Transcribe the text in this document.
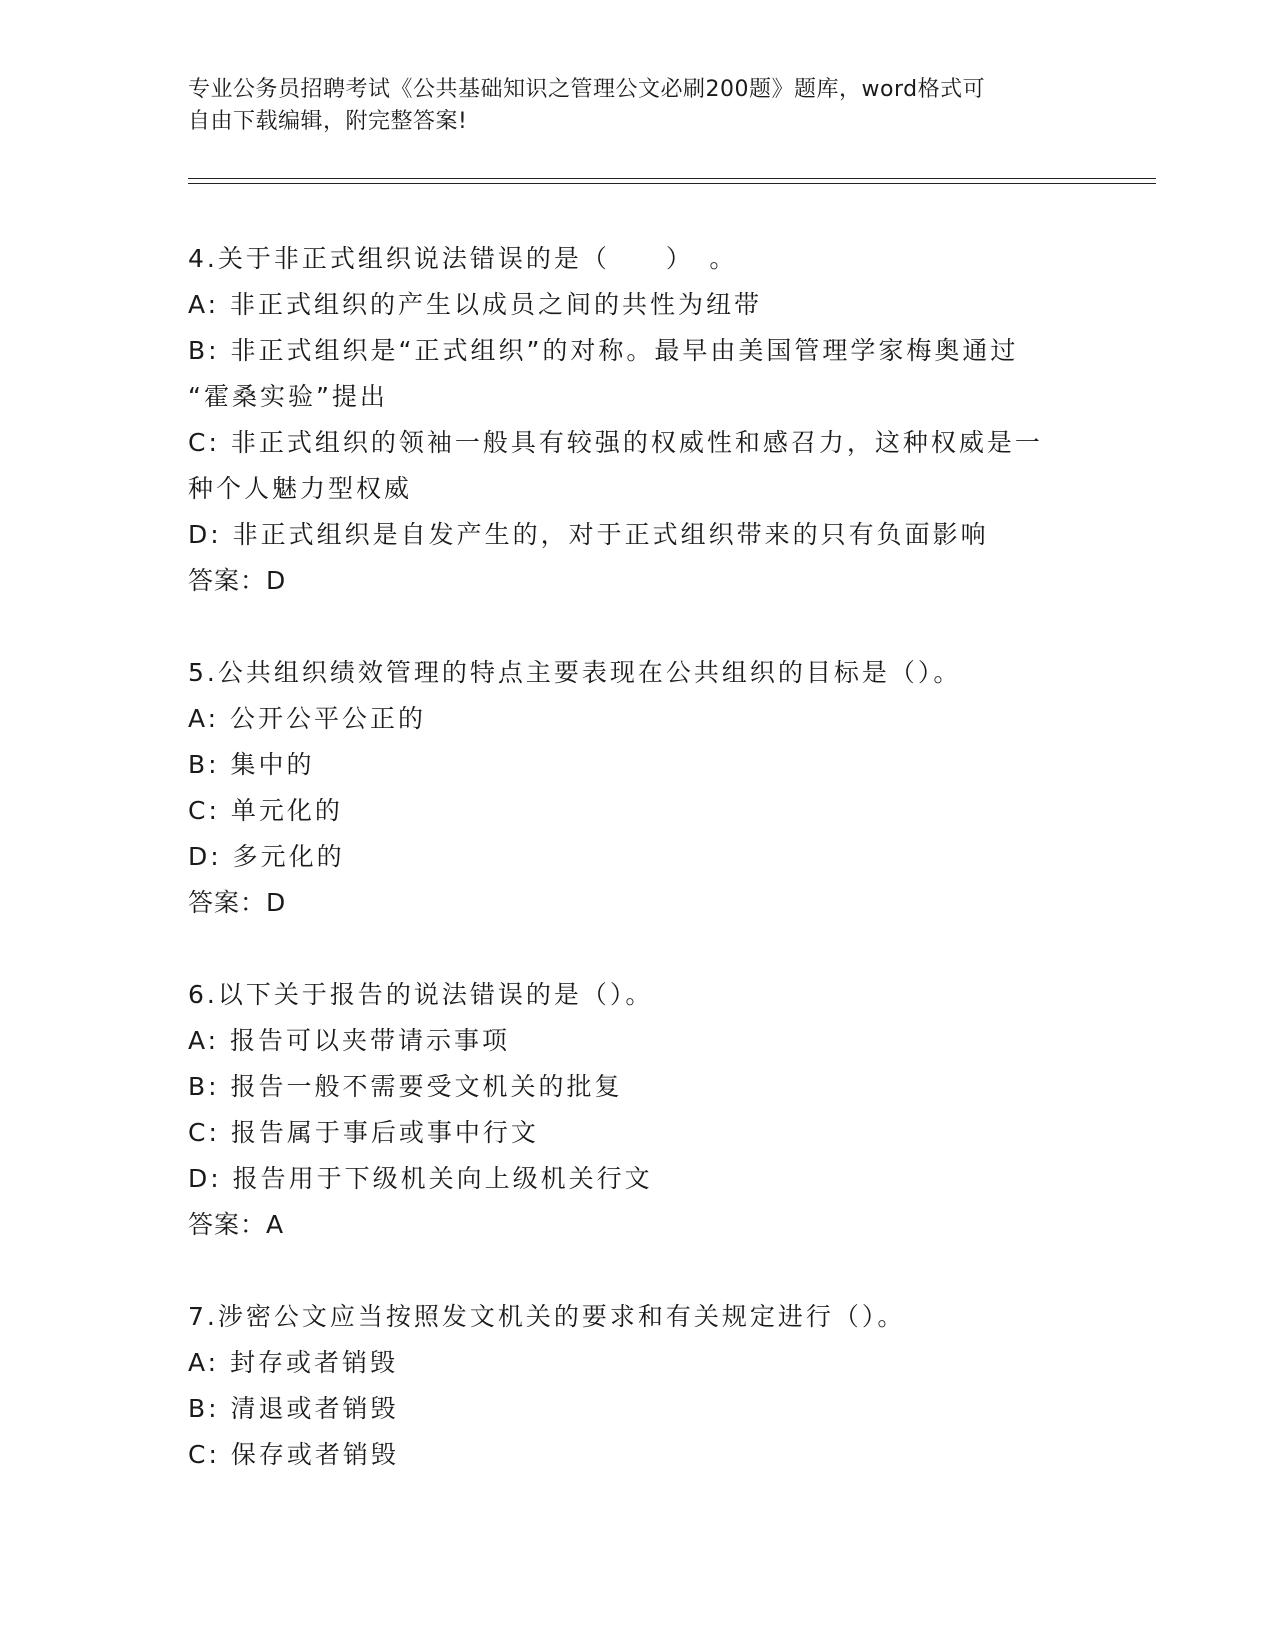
专业公务员招聘考试《公共基础知识之管理公文必刷200题》题库，word格式可
自由下载编辑，附完整答案!
4.关于非正式组织说法错误的是（　　）　。
A: 非正式组织的产生以成员之间的共性为纽带
B: 非正式组织是“正式组织”的对称。最早由美国管理学家梅奥通过
“霍桑实验”提出
C: 非正式组织的领袖一般具有较强的权威性和感召力，这种权威是一
种个人魅力型权威
D: 非正式组织是自发产生的，对于正式组织带来的只有负面影响
答案：D
5.公共组织绩效管理的特点主要表现在公共组织的目标是（）。
A: 公开公平公正的
B: 集中的
C: 单元化的
D: 多元化的
答案：D
6.以下关于报告的说法错误的是（）。
A: 报告可以夹带请示事项
B: 报告一般不需要受文机关的批复
C: 报告属于事后或事中行文
D: 报告用于下级机关向上级机关行文
答案：A
7.涉密公文应当按照发文机关的要求和有关规定进行（）。
A: 封存或者销毁
B: 清退或者销毁
C: 保存或者销毁
